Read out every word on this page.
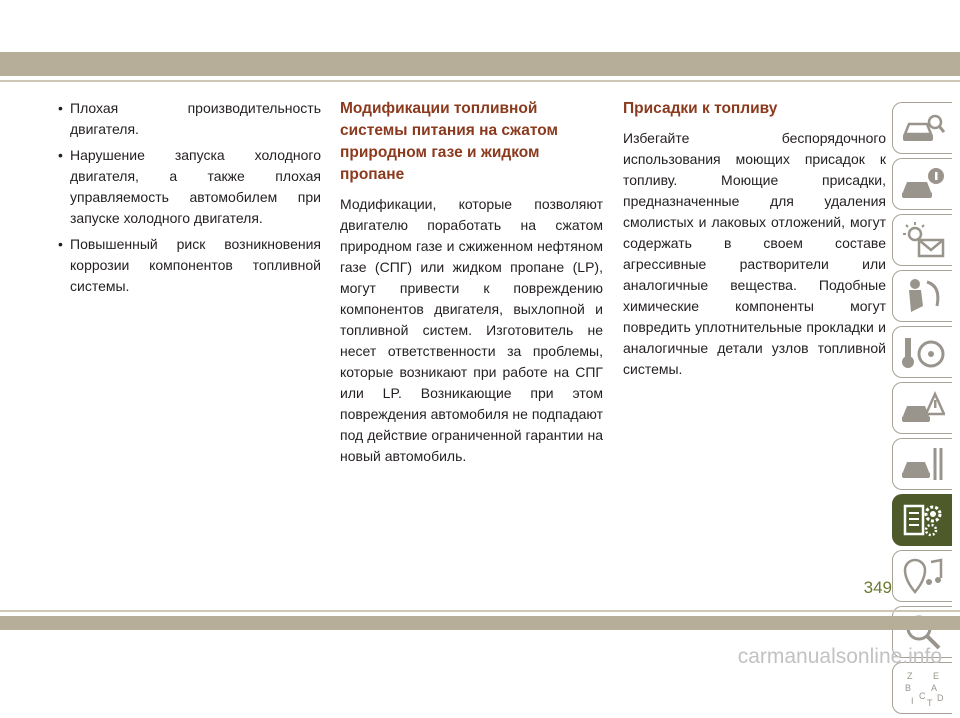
• Плохая производительность двигателя.
• Нарушение запуска холодного двигателя, а также плохая управляемость автомобилем при запуске холодного двигателя.
• Повышенный риск возникновения коррозии компонентов топливной системы.
Модификации топливной системы питания на сжатом природном газе и жидком пропане

Модификации, которые позволяют двигателю поработать на сжатом природном газе и сжиженном нефтяном газе (СПГ) или жидком пропане (LP), могут привести к повреждению компонентов двигателя, выхлопной и топливной систем. Изготовитель не несет ответственности за проблемы, которые возникают при работе на СПГ или LP. Возникающие при этом повреждения автомобиля не подпадают под действие ограниченной гарантии на новый автомобиль.

Присадки к топливу

Избегайте беспорядочного использования моющих присадок к топливу. Моющие присадки, предназначенные для удаления смолистых и лаковых отложений, могут содержать в своем составе агрессивные растворители или аналогичные вещества. Подобные химические компоненты могут повредить уплотнительные прокладки и аналогичные детали узлов топливной системы.

Z E
B A
C D
I T
349
carmanualsonline.info
